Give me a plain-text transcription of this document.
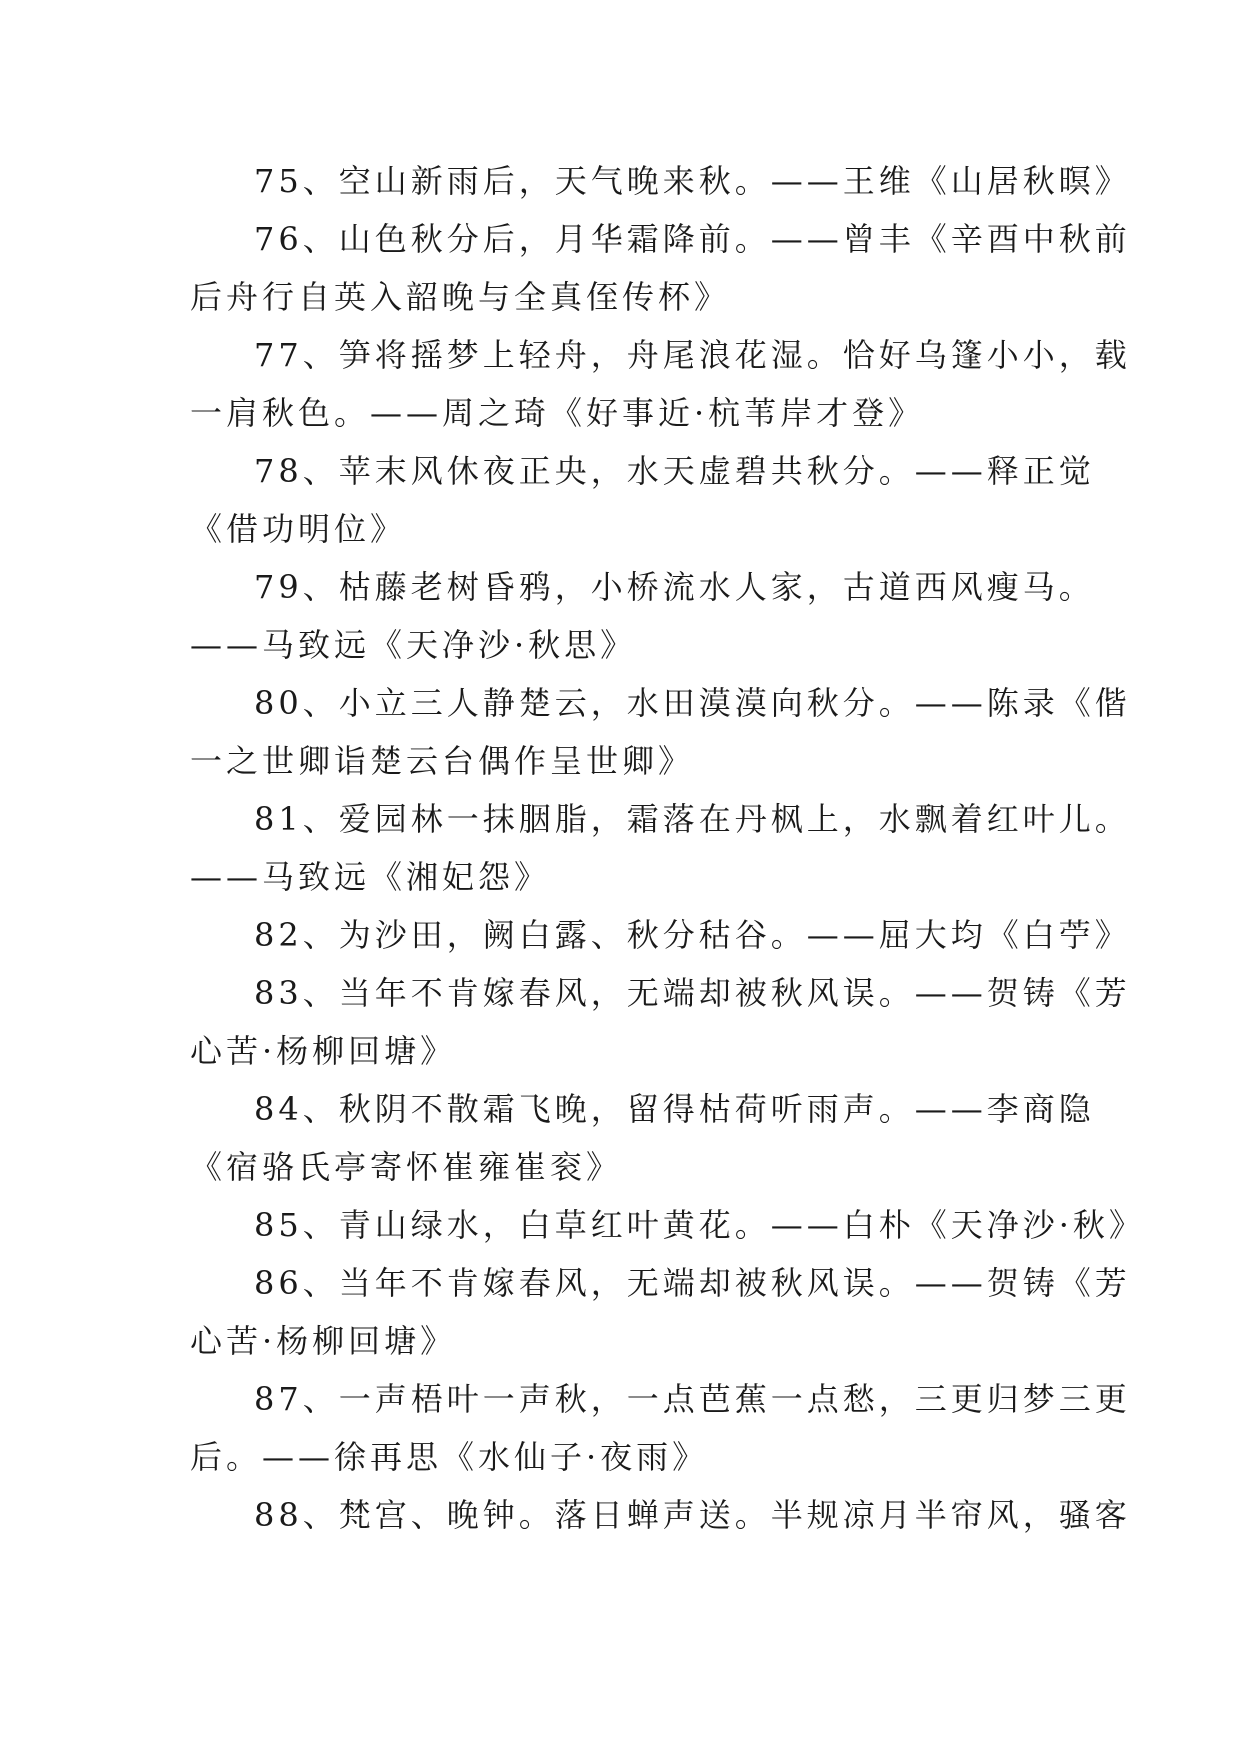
75、空山新雨后，天气晚来秋。——王维《山居秋暝》
76、山色秋分后，月华霜降前。——曾丰《辛酉中秋前
后舟行自英入韶晚与全真侄传杯》
77、笋将摇梦上轻舟，舟尾浪花湿。恰好乌篷小小，载
一肩秋色。——周之琦《好事近·杭苇岸才登》
78、苹末风休夜正央，水天虚碧共秋分。——释正觉
《借功明位》
79、枯藤老树昏鸦，小桥流水人家，古道西风瘦马。
——马致远《天净沙·秋思》
80、小立三人静楚云，水田漠漠向秋分。——陈录《偕
一之世卿诣楚云台偶作呈世卿》
81、爱园林一抹胭脂，霜落在丹枫上，水飘着红叶儿。
——马致远《湘妃怨》
82、为沙田，阙白露、秋分秙谷。——屈大均《白苧》
83、当年不肯嫁春风，无端却被秋风误。——贺铸《芳
心苦·杨柳回塘》
84、秋阴不散霜飞晚，留得枯荷听雨声。——李商隐
《宿骆氏亭寄怀崔雍崔衮》
85、青山绿水，白草红叶黄花。——白朴《天净沙·秋》
86、当年不肯嫁春风，无端却被秋风误。——贺铸《芳
心苦·杨柳回塘》
87、一声梧叶一声秋，一点芭蕉一点愁，三更归梦三更
后。——徐再思《水仙子·夜雨》
88、梵宫、晚钟。落日蝉声送。半规凉月半帘风，骚客
